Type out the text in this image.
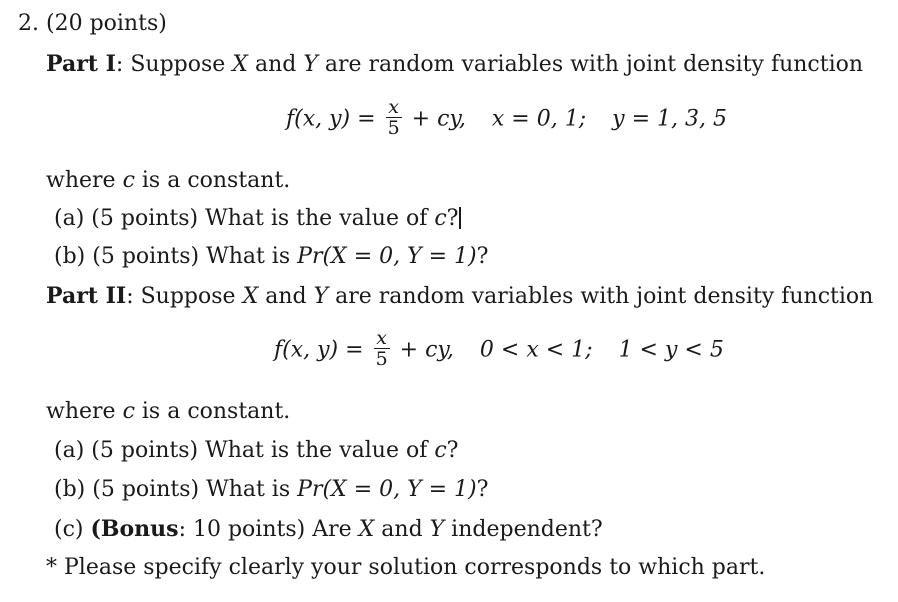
2. (20 points)
Part I: Suppose X and Y are random variables with joint density function
f(x, $y) = \frac{x}{5}$ + cy, x = 0, 1; y = 1, 3, 5
where c is a constant.
(a) (5 points) What is the value of c?
(b) (5 points) What is Pr(X = 0, Y = 1)?
Part II: Suppose X and Y are random variables with joint density function
f(x, $y) = \frac{x}{5}$ + cy, 0 < x < 1; 1 < y < 5
where c is a constant.
(a) (5 points) What is the value of c?
(b) (5 points) What is Pr(X = 0, Y = 1)?
(c) (Bonus: 10 points) Are X and Y independent?
* Please specify clearly your solution corresponds to which part.
